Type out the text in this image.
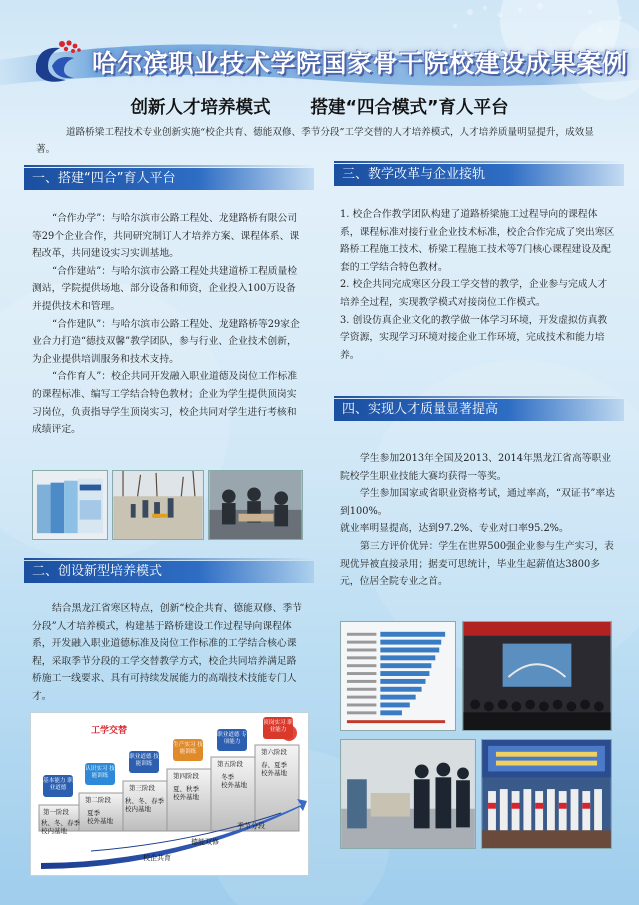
哈尔滨职业技术学院国家骨干院校建设成果案例
创新人才培养模式 搭建“四合模式”育人平台
道路桥梁工程技术专业创新实施“校企共育、德能双修、季节分段”工学交替的人才培养模式，人才培养质量明显提升，成效显著。
一、搭建“四合”育人平台

“合作办学”：与哈尔滨市公路工程处、龙建路桥有限公司等29个企业合作，共同研究制订人才培养方案、课程体系、课程改革，共同建设实习实训基地。

“合作建站”：与哈尔滨市公路工程处共建道桥工程质量检测站，学院提供场地、部分设备和师资，企业投入100万设备并提供技术和管理。

“合作建队”：与哈尔滨市公路工程处、龙建路桥等29家企业合力打造“德技双馨”教学团队，参与行业、企业技术创新，为企业提供培训服务和技术支持。

“合作育人”：校企共同开发融入职业道德及岗位工作标准的课程标准、编写工学结合特色教材；企业为学生提供顶岗实习岗位，负责指导学生顶岗实习，校企共同对学生进行考核和成绩评定。

二、创设新型培养模式

结合黑龙江省寒区特点，创新“校企共育、德能双修、季节分段”人才培养模式，构建基于路桥建设工作过程导向课程体系，开发融入职业道德标准及岗位工作标准的工学结合核心课程，采取季节分段的工学交替教学方式，校企共同培养满足路桥施工一线要求、具有可持续发展能力的高端技术技能专门人才。

工学交替
基本能力 职业道德
认识实习 技能训练
职业道德 技能训练
生产实习 技能训练
职业道德 专项能力
顶岗实习 职业能力
第一阶段
第二阶段
第三阶段
第四阶段
第五阶段
第六阶段
秋、冬、春季
校内基地
夏季
校外基地
秋、冬、春季
校内基地
夏、秋季
校外基地
冬季
校外基地
春、夏季
校外基地
校企共育
德能双修
季节分段
三、教学改革与企业接轨

1. 校企合作教学团队构建了道路桥梁施工过程导向的课程体系，课程标准对接行业企业技术标准，校企合作完成了突出寒区路桥工程施工技术、桥梁工程施工技术等7门核心课程建设及配套的工学结合特色教材。

2. 校企共同完成寒区分段工学交替的教学，企业参与完成人才培养全过程，实现教学模式对接岗位工作模式。

3. 创设仿真企业文化的教学做一体学习环境，开发虚拟仿真教学资源，实现学习环境对接企业工作环境，完成技术和能力培养。

四、实现人才质量显著提高

学生参加2013年全国及2013、2014年黑龙江省高等职业院校学生职业技能大赛均获得一等奖。

学生参加国家或省职业资格考试，通过率高，“双证书”率达到100%。

就业率明显提高，达到97.2%、专业对口率95.2%。

第三方评价优异：学生在世界500强企业参与生产实习，表现优异被直接录用；据麦可思统计，毕业生起薪值达3800多元，位居全院专业之首。
